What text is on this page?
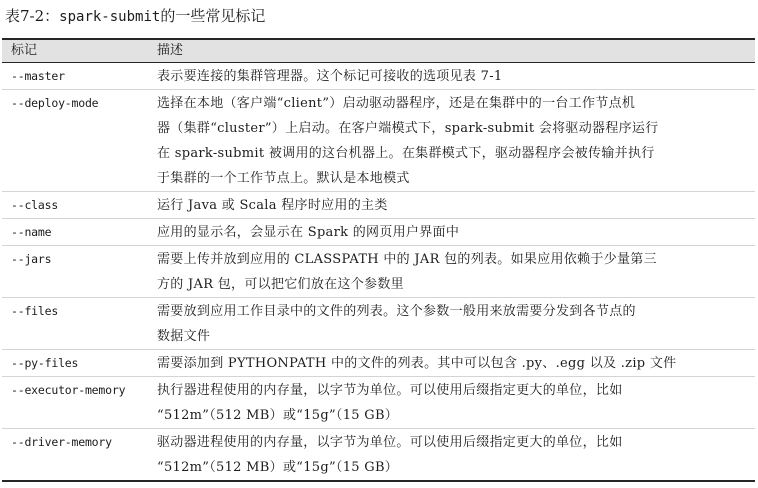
表7-2：spark-submit的一些常见标记
标记	描述
--master	表示要连接的集群管理器。这个标记可接收的选项见表 7-1

--deploy-mode	选择在本地（客户端“client”）启动驱动器程序，还是在集群中的一台工作节点机
器（集群“cluster”）上启动。在客户端模式下，spark-submit 会将驱动器程序运行
在 spark-submit 被调用的这台机器上。在集群模式下，驱动器程序会被传输并执行
于集群的一个工作节点上。默认是本地模式

--class	运行 Java 或 Scala 程序时应用的主类

--name	应用的显示名，会显示在 Spark 的网页用户界面中

--jars	需要上传并放到应用的 CLASSPATH 中的 JAR 包的列表。如果应用依赖于少量第三
方的 JAR 包，可以把它们放在这个参数里

--files	需要放到应用工作目录中的文件的列表。这个参数一般用来放需要分发到各节点的
数据文件

--py-files	需要添加到 PYTHONPATH 中的文件的列表。其中可以包含 .py、.egg 以及 .zip 文件

--executor-memory	执行器进程使用的内存量，以字节为单位。可以使用后缀指定更大的单位，比如
“512m”（512 MB）或“15g”（15 GB）

--driver-memory	驱动器进程使用的内存量，以字节为单位。可以使用后缀指定更大的单位，比如
“512m”（512 MB）或“15g”（15 GB）
